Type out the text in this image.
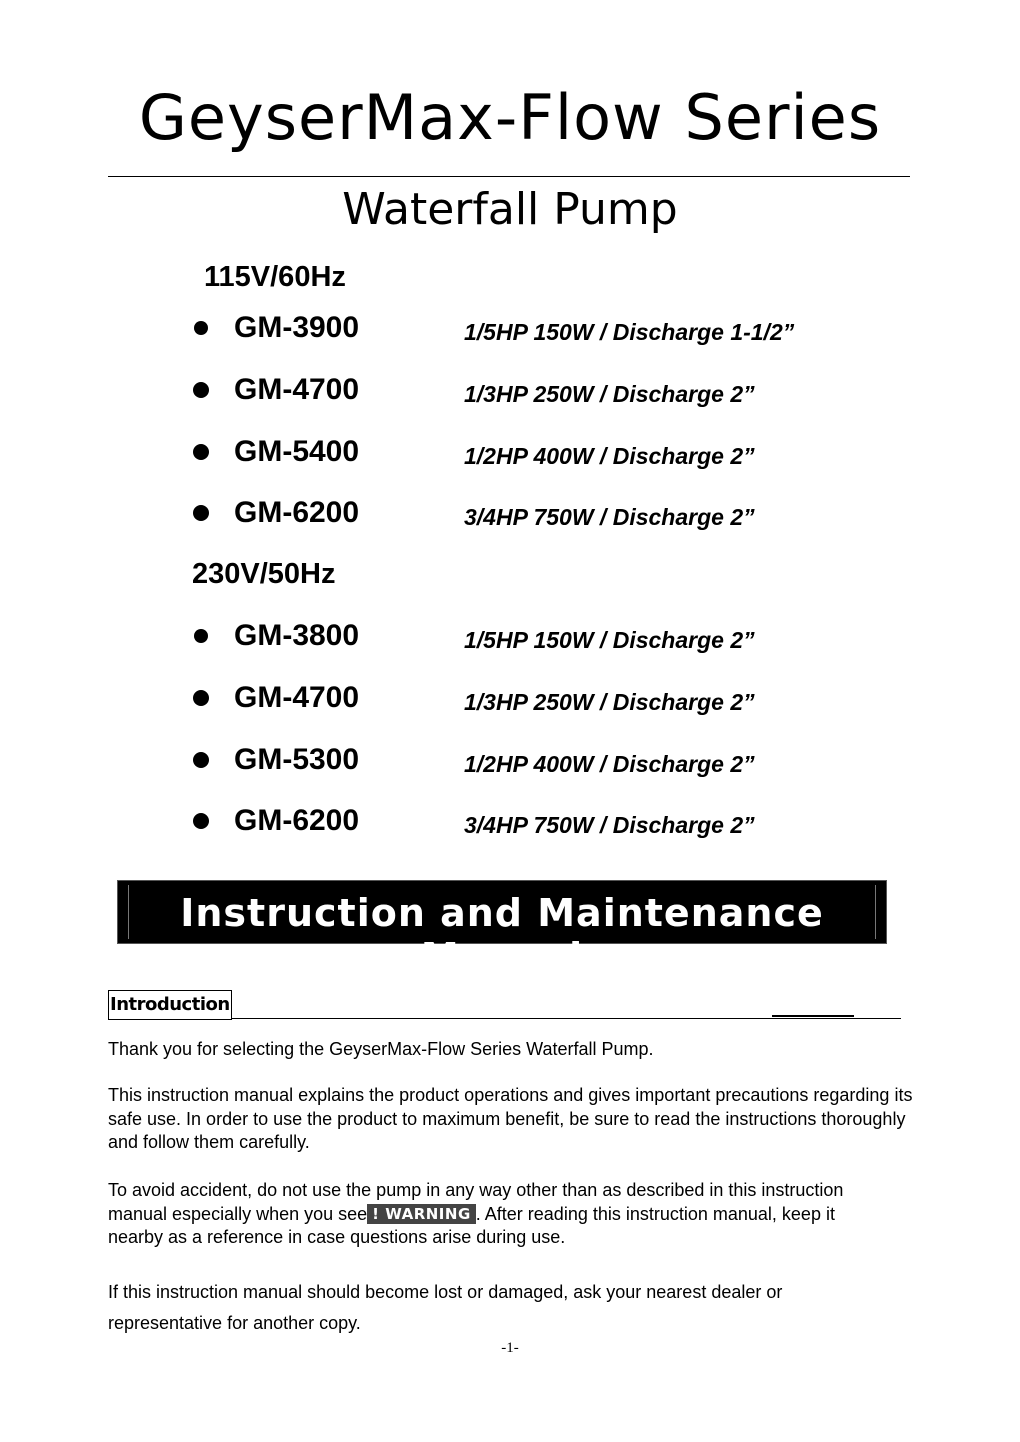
GeyserMax-Flow Series
Waterfall Pump
115V/60Hz
GM-3900	1/5HP 150W / Discharge 1-1/2”
GM-4700	1/3HP 250W / Discharge 2”
GM-5400	1/2HP 400W / Discharge 2”
GM-6200	3/4HP 750W / Discharge 2”
230V/50Hz
GM-3800	1/5HP 150W / Discharge 2”
GM-4700	1/3HP 250W / Discharge 2”
GM-5300	1/2HP 400W / Discharge 2”
GM-6200	3/4HP 750W / Discharge 2”
Instruction and Maintenance Manual
Introduction
Thank you for selecting the GeyserMax-Flow Series Waterfall Pump.
This instruction manual explains the product operations and gives important precautions regarding its safe use. In order to use the product to maximum benefit, be sure to read the instructions thoroughly and follow them carefully.
To avoid accident, do not use the pump in any way other than as described in this instruction manual especially when you see ! WARNING . After reading this instruction manual, keep it nearby as a reference in case questions arise during use.
If this instruction manual should become lost or damaged, ask your nearest dealer or representative for another copy.
-1-
